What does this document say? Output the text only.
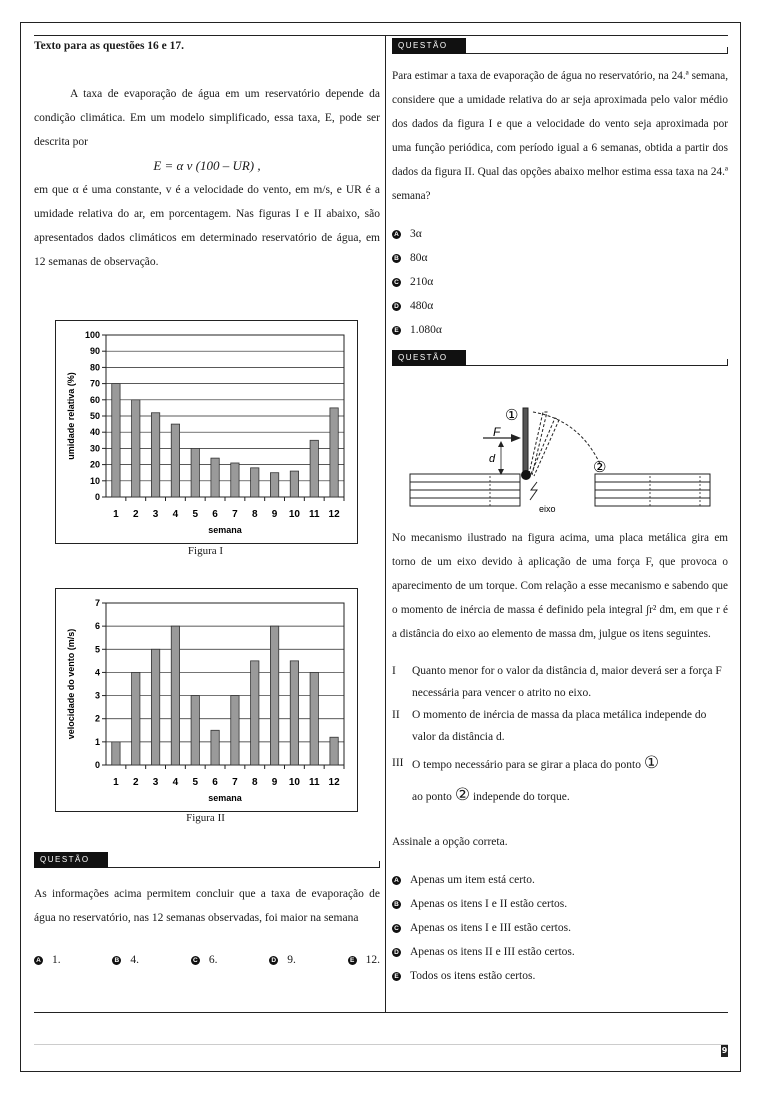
9

Texto para as questões 16 e 17.

A taxa de evaporação de água em um reservatório depende da condição climática. Em um modelo simplificado, essa taxa, E, pode ser descrita por

E = α v (100 – UR) ,

em que α é uma constante, v é a velocidade do vento, em m/s, e UR é a umidade relativa do ar, em porcentagem. Nas figuras I e II abaixo, são apresentados dados climáticos em determinado reservatório de água, em 12 semanas de observação.

0
10
20
30
40
50
60
70
80
90
100
1 2 3 4 5 6 7 8 9 10 11 12
semana
umidade relativa (%)
Figura I
0
1
2
3
4
5
6
7
1 2 3 4 5 6 7 8 9 10 11 12
semana
velocidade do vento (m/s)
Figura II
QUESTÃO 16

As informações acima permitem concluir que a taxa de evaporação de água no reservatório, nas 12 semanas observadas, foi maior na semana

A 1.	B 4.	C 6.	D 9.	E 12.
QUESTÃO 17

Para estimar a taxa de evaporação de água no reservatório, na 24.ª semana, considere que a umidade relativa do ar seja aproximada pelo valor médio dos dados da figura I e que a velocidade do vento seja aproximada por uma função periódica, com período igual a 6 semanas, obtida a partir dos dados da figura II. Qual das opções abaixo melhor estima essa taxa na 24.ª semana?

A 3α
B 80α
C 210α
D 480α
E 1.080α
QUESTÃO 18
F
d
①
②
eixo

No mecanismo ilustrado na figura acima, uma placa metálica gira em torno de um eixo devido à aplicação de uma força F, que provoca o aparecimento de um torque. Com relação a esse mecanismo e sabendo que o momento de inércia de massa é definido pela integral ∫r² dm, em que r é a distância do eixo ao elemento de massa dm, julgue os itens seguintes.

I	Quanto menor for o valor da distância d, maior deverá ser a força F necessária para vencer o atrito no eixo.
II	O momento de inércia de massa da placa metálica independe do valor da distância d.
III O tempo necessário para se girar a placa do ponto ①
ao ponto ② independe do torque.

Assinale a opção correta.

A Apenas um item está certo.
B Apenas os itens I e II estão certos.
C Apenas os itens I e III estão certos.
D Apenas os itens II e III estão certos.
E Todos os itens estão certos.
